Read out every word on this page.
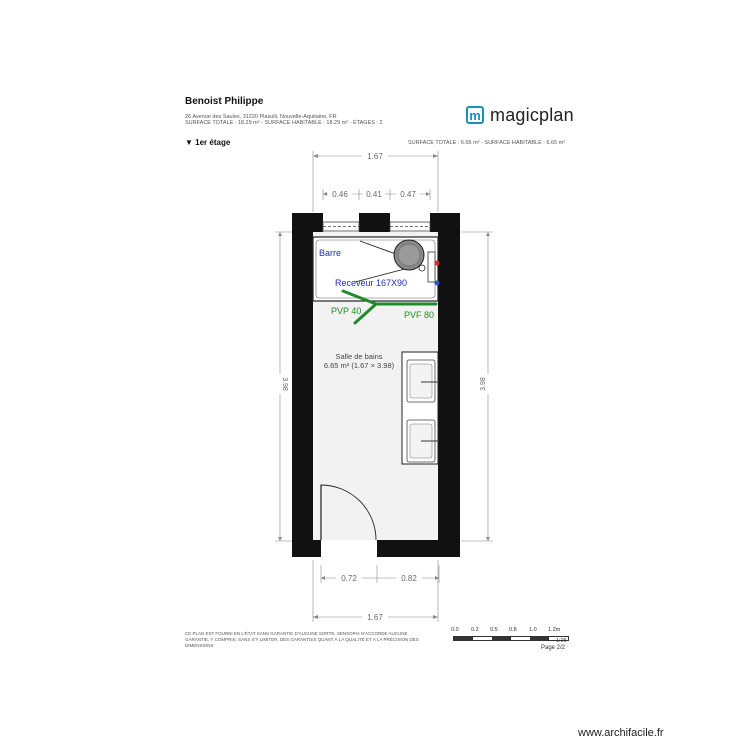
Benoist Philippe
26 Avenue des Saules, 31220 Plasulli, Nouvelle-Aquitaine, FR
SURFACE TOTALE : 18.29 m² - SURFACE HABITABLE : 18.29 m² - ÉTAGES : 2
m magicplan
▼ 1er étage	SURFACE TOTALE : 6.65 m² - SURFACE HABITABLE : 6.65 m²
1.67
0.46 0.41 0.47
3.98	3.98
0.72	0.82
1.67
Barre
Receveur 167X90
PVP 40	PVF 80
Salle de bains
6.65 m² (1.67 × 3.98)
CE PLAN EST FOURNI EN L'ÉTAT SANS GARANTIE D'AUCUNE SORTE. SENSOPIA N'ACCORDE AUCUNE GARANTIE, Y COMPRIS, SANS S'Y LIMITER, DES GARANTIES QUANT À LA QUALITÉ ET À LA PRÉCISION DES DIMENSIONS
0.0 0.2 0.5 0.8 1.0 1.2m
1:26
Page 2/2
www.archifacile.fr
